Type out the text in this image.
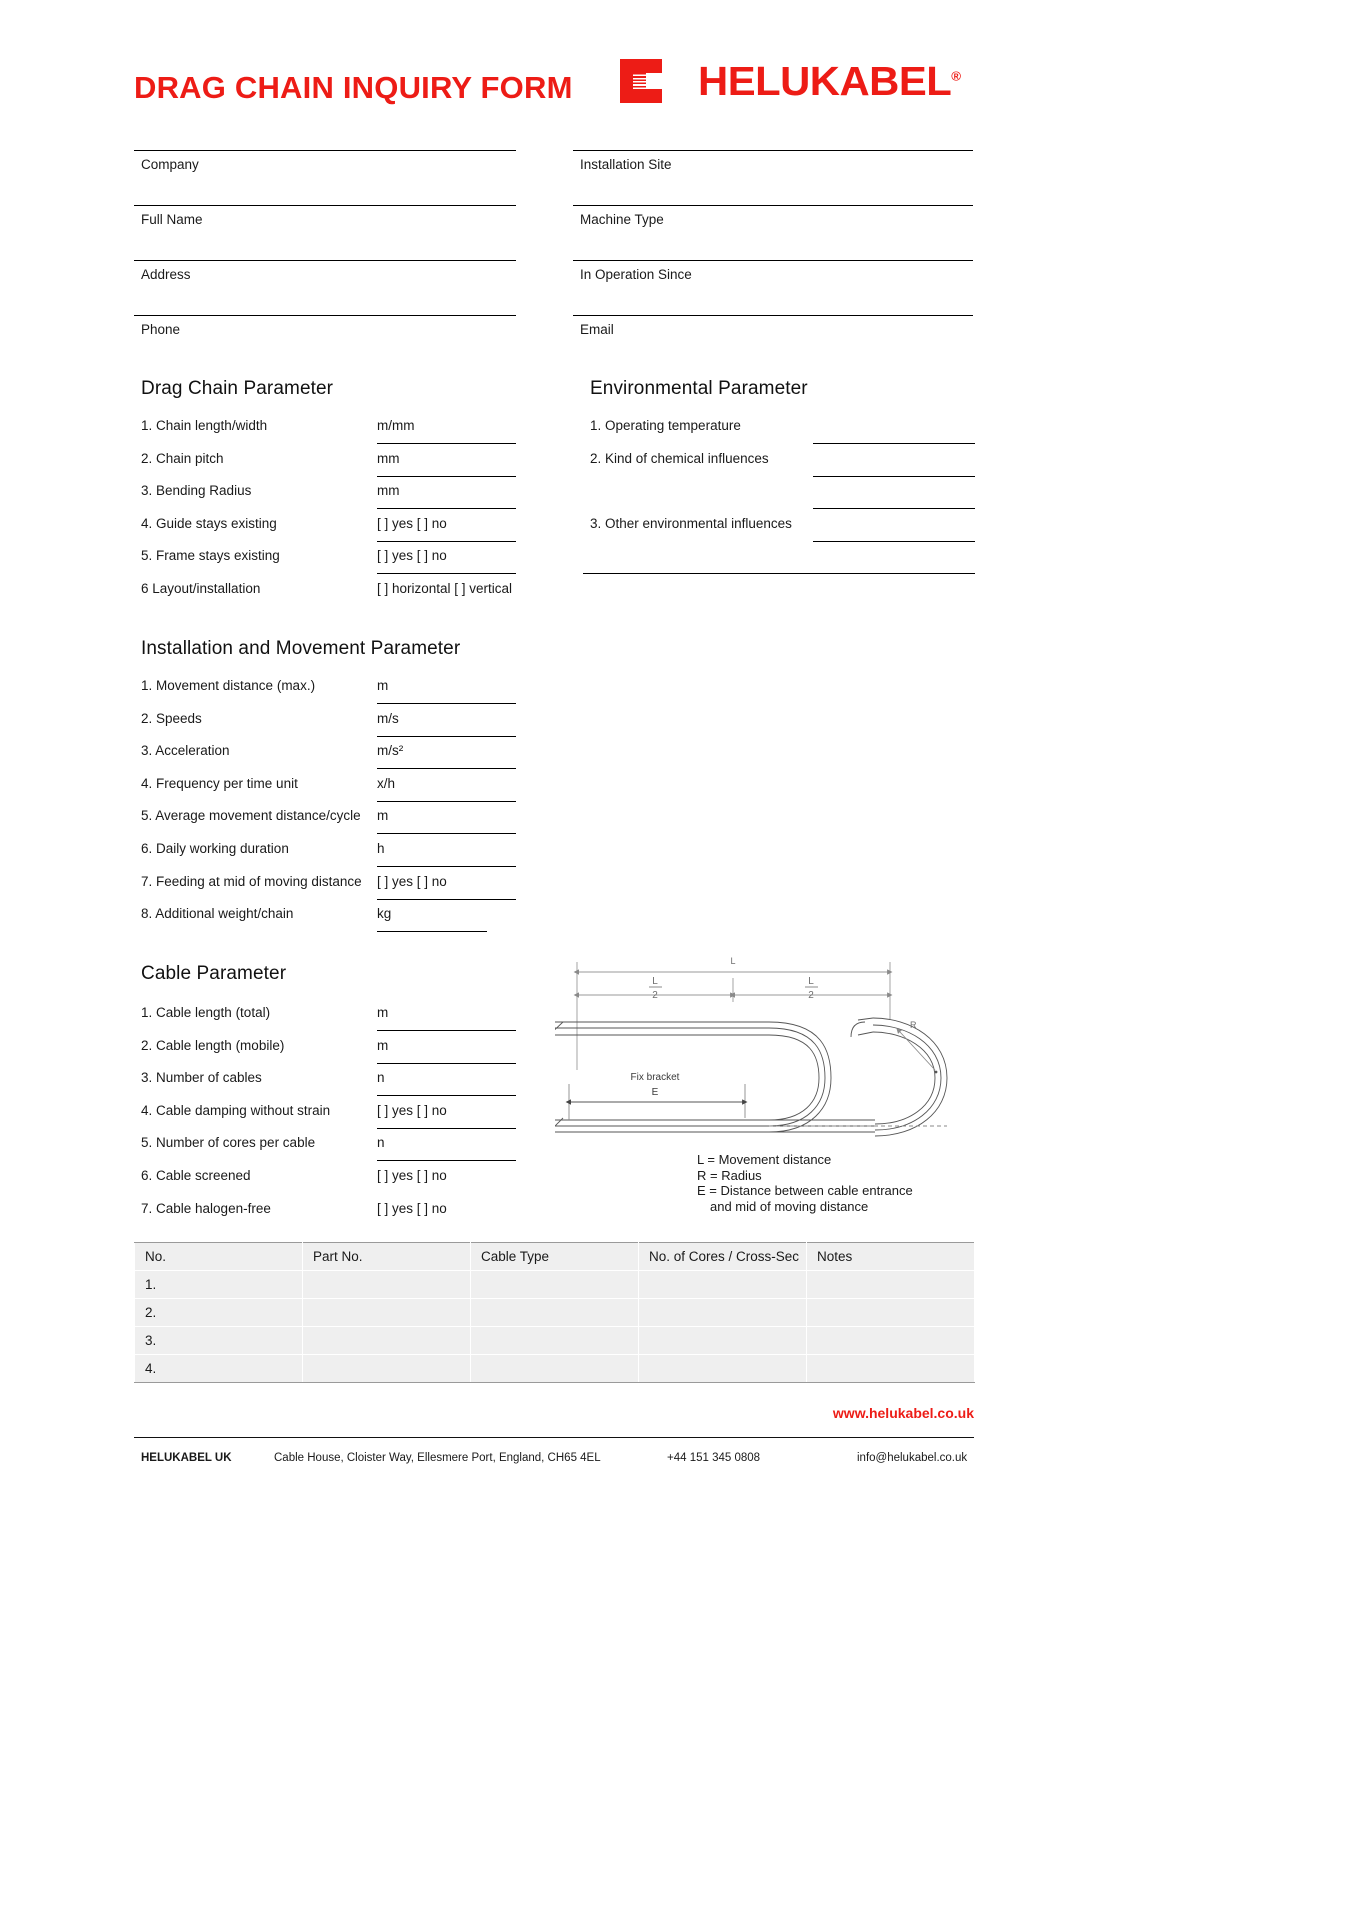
DRAG CHAIN INQUIRY FORM	HELUKABEL®
Company
Full Name
Address
Phone
Installation Site
Machine Type
In Operation Since
Email
Drag Chain Parameter
1. Chain length/width	m/mm
2. Chain pitch	mm
3. Bending Radius	mm
4. Guide stays existing	[ ] yes [ ] no
5. Frame stays existing	[ ] yes [ ] no
6 Layout/installation	[ ] horizontal [ ] vertical
Environmental Parameter
1. Operating temperature
2. Kind of chemical influences
3. Other environmental influences
Installation and Movement Parameter
1. Movement distance (max.)	m
2. Speeds	m/s
3. Acceleration	m/s²
4. Frequency per time unit	x/h
5. Average movement distance/cycle m
6. Daily working duration	h
7. Feeding at mid of moving distance [ ] yes [ ] no
8. Additional weight/chain	kg
Cable Parameter
1. Cable length (total)	m
2. Cable length (mobile)	m
3. Number of cables	n
4. Cable damping without strain	[ ] yes [ ] no
5. Number of cores per cable	n
6. Cable screened	[ ] yes [ ] no
7. Cable halogen-free	[ ] yes [ ] no
L
L
2
L
2
R
Fix bracket
E
L = Movement distance
R = Radius
E = Distance between cable entrance
and mid of moving distance
No.	Part No.	Cable Type	No. of Cores / Cross-Sec	Notes
1.				
2.				
3.				
4.				
www.helukabel.co.uk
HELUKABEL UK	Cable House, Cloister Way, Ellesmere Port, England, CH65 4EL	+44 151 345 0808	info@helukabel.co.uk
